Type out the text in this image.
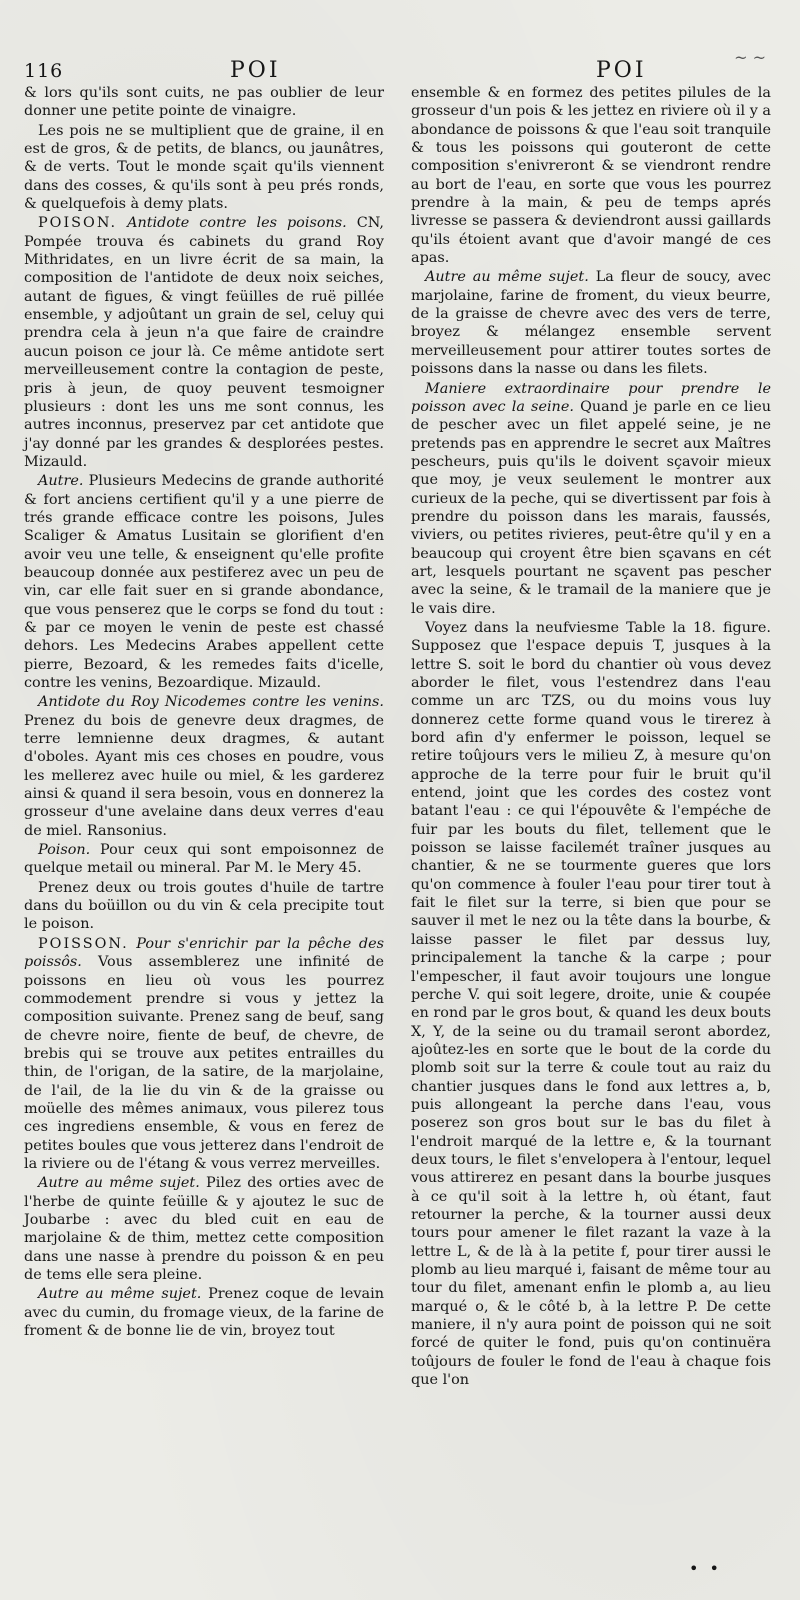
116	POI	POI
~ ~

& lors qu'ils sont cuits, ne pas oublier de leur donner une petite pointe de vinaigre.

Les pois ne se multiplient que de graine, il en est de gros, & de petits, de blancs, ou jaunâtres, & de verts. Tout le monde sçait qu'ils viennent dans des cosses, & qu'ils sont à peu prés ronds, & quelquefois à demy plats.

POISON. Antidote contre les poisons. CN, Pompée trouva és cabinets du grand Roy Mithridates, en un livre écrit de sa main, la composition de l'antidote de deux noix seiches, autant de figues, & vingt feüilles de ruë pillée ensemble, y adjoûtant un grain de sel, celuy qui prendra cela à jeun n'a que faire de craindre aucun poison ce jour là. Ce même antidote sert merveilleusement contre la contagion de peste, pris à jeun, de quoy peuvent tesmoigner plusieurs : dont les uns me sont connus, les autres inconnus, preservez par cet antidote que j'ay donné par les grandes & desplorées pestes. Mizauld.

Autre. Plusieurs Medecins de grande authorité & fort anciens certifient qu'il y a une pierre de trés grande efficace contre les poisons, Jules Scaliger & Amatus Lusitain se glorifient d'en avoir veu une telle, & enseignent qu'elle profite beaucoup donnée aux pestiferez avec un peu de vin, car elle fait suer en si grande abondance, que vous penserez que le corps se fond du tout : & par ce moyen le venin de peste est chassé dehors. Les Medecins Arabes appellent cette pierre, Bezoard, & les remedes faits d'icelle, contre les venins, Bezoardique. Mizauld.

Antidote du Roy Nicodemes contre les venins. Prenez du bois de genevre deux dragmes, de terre lemnienne deux dragmes, & autant d'oboles. Ayant mis ces choses en poudre, vous les mellerez avec huile ou miel, & les garderez ainsi & quand il sera besoin, vous en donnerez la grosseur d'une avelaine dans deux verres d'eau de miel. Ransonius.

Poison. Pour ceux qui sont empoisonnez de quelque metail ou mineral. Par M. le Mery 45.

Prenez deux ou trois goutes d'huile de tartre dans du boüillon ou du vin & cela precipite tout le poison.

POISSON. Pour s'enrichir par la pêche des poissôs. Vous assemblerez une infinité de poissons en lieu où vous les pourrez commodement prendre si vous y jettez la composition suivante. Prenez sang de beuf, sang de chevre noire, fiente de beuf, de chevre, de brebis qui se trouve aux petites entrailles du thin, de l'origan, de la satire, de la marjolaine, de l'ail, de la lie du vin & de la graisse ou moüelle des mêmes animaux, vous pilerez tous ces ingrediens ensemble, & vous en ferez de petites boules que vous jetterez dans l'endroit de la riviere ou de l'étang & vous verrez merveilles.

Autre au même sujet. Pilez des orties avec de l'herbe de quinte feüille & y ajoutez le suc de Joubarbe : avec du bled cuit en eau de marjolaine & de thim, mettez cette composition dans une nasse à prendre du poisson & en peu de tems elle sera pleine.

Autre au même sujet. Prenez coque de levain avec du cumin, du fromage vieux, de la farine de froment & de bonne lie de vin, broyez tout

ensemble & en formez des petites pilules de la grosseur d'un pois & les jettez en riviere où il y a abondance de poissons & que l'eau soit tranquile & tous les poissons qui gouteront de cette composition s'enivreront & se viendront rendre au bort de l'eau, en sorte que vous les pourrez prendre à la main, & peu de temps aprés livresse se passera & deviendront aussi gaillards qu'ils étoient avant que d'avoir mangé de ces apas.

Autre au même sujet. La fleur de soucy, avec marjolaine, farine de froment, du vieux beurre, de la graisse de chevre avec des vers de terre, broyez & mélangez ensemble servent merveilleusement pour attirer toutes sortes de poissons dans la nasse ou dans les filets.

Maniere extraordinaire pour prendre le poisson avec la seine. Quand je parle en ce lieu de pescher avec un filet appelé seine, je ne pretends pas en apprendre le secret aux Maîtres pescheurs, puis qu'ils le doivent sçavoir mieux que moy, je veux seulement le montrer aux curieux de la peche, qui se divertissent par fois à prendre du poisson dans les marais, faussés, viviers, ou petites rivieres, peut-être qu'il y en a beaucoup qui croyent être bien sçavans en cét art, lesquels pourtant ne sçavent pas pescher avec la seine, & le tramail de la maniere que je le vais dire.

Voyez dans la neufviesme Table la 18. figure. Supposez que l'espace depuis T, jusques à la lettre S. soit le bord du chantier où vous devez aborder le filet, vous l'estendrez dans l'eau comme un arc TZS, ou du moins vous luy donnerez cette forme quand vous le tirerez à bord afin d'y enfermer le poisson, lequel se retire toûjours vers le milieu Z, à mesure qu'on approche de la terre pour fuir le bruit qu'il entend, joint que les cordes des costez vont batant l'eau : ce qui l'épouvête & l'empéche de fuir par les bouts du filet, tellement que le poisson se laisse facilemét traîner jusques au chantier, & ne se tourmente gueres que lors qu'on commence à fouler l'eau pour tirer tout à fait le filet sur la terre, si bien que pour se sauver il met le nez ou la tête dans la bourbe, & laisse passer le filet par dessus luy, principalement la tanche & la carpe ; pour l'empescher, il faut avoir toujours une longue perche V. qui soit legere, droite, unie & coupée en rond par le gros bout, & quand les deux bouts X, Y, de la seine ou du tramail seront abordez, ajoûtez-les en sorte que le bout de la corde du plomb soit sur la terre & coule tout au raiz du chantier jusques dans le fond aux lettres a, b, puis allongeant la perche dans l'eau, vous poserez son gros bout sur le bas du filet à l'endroit marqué de la lettre e, & la tournant deux tours, le filet s'envelopera à l'entour, lequel vous attirerez en pesant dans la bourbe jusques à ce qu'il soit à la lettre h, où étant, faut retourner la perche, & la tourner aussi deux tours pour amener le filet razant la vaze à la lettre L, & de là à la petite f, pour tirer aussi le plomb au lieu marqué i, faisant de même tour au tour du filet, amenant enfin le plomb a, au lieu marqué o, & le côté b, à la lettre P. De cette maniere, il n'y aura point de poisson qui ne soit forcé de quiter le fond, puis qu'on continuëra toûjours de fouler le fond de l'eau à chaque fois que l'on

• •
